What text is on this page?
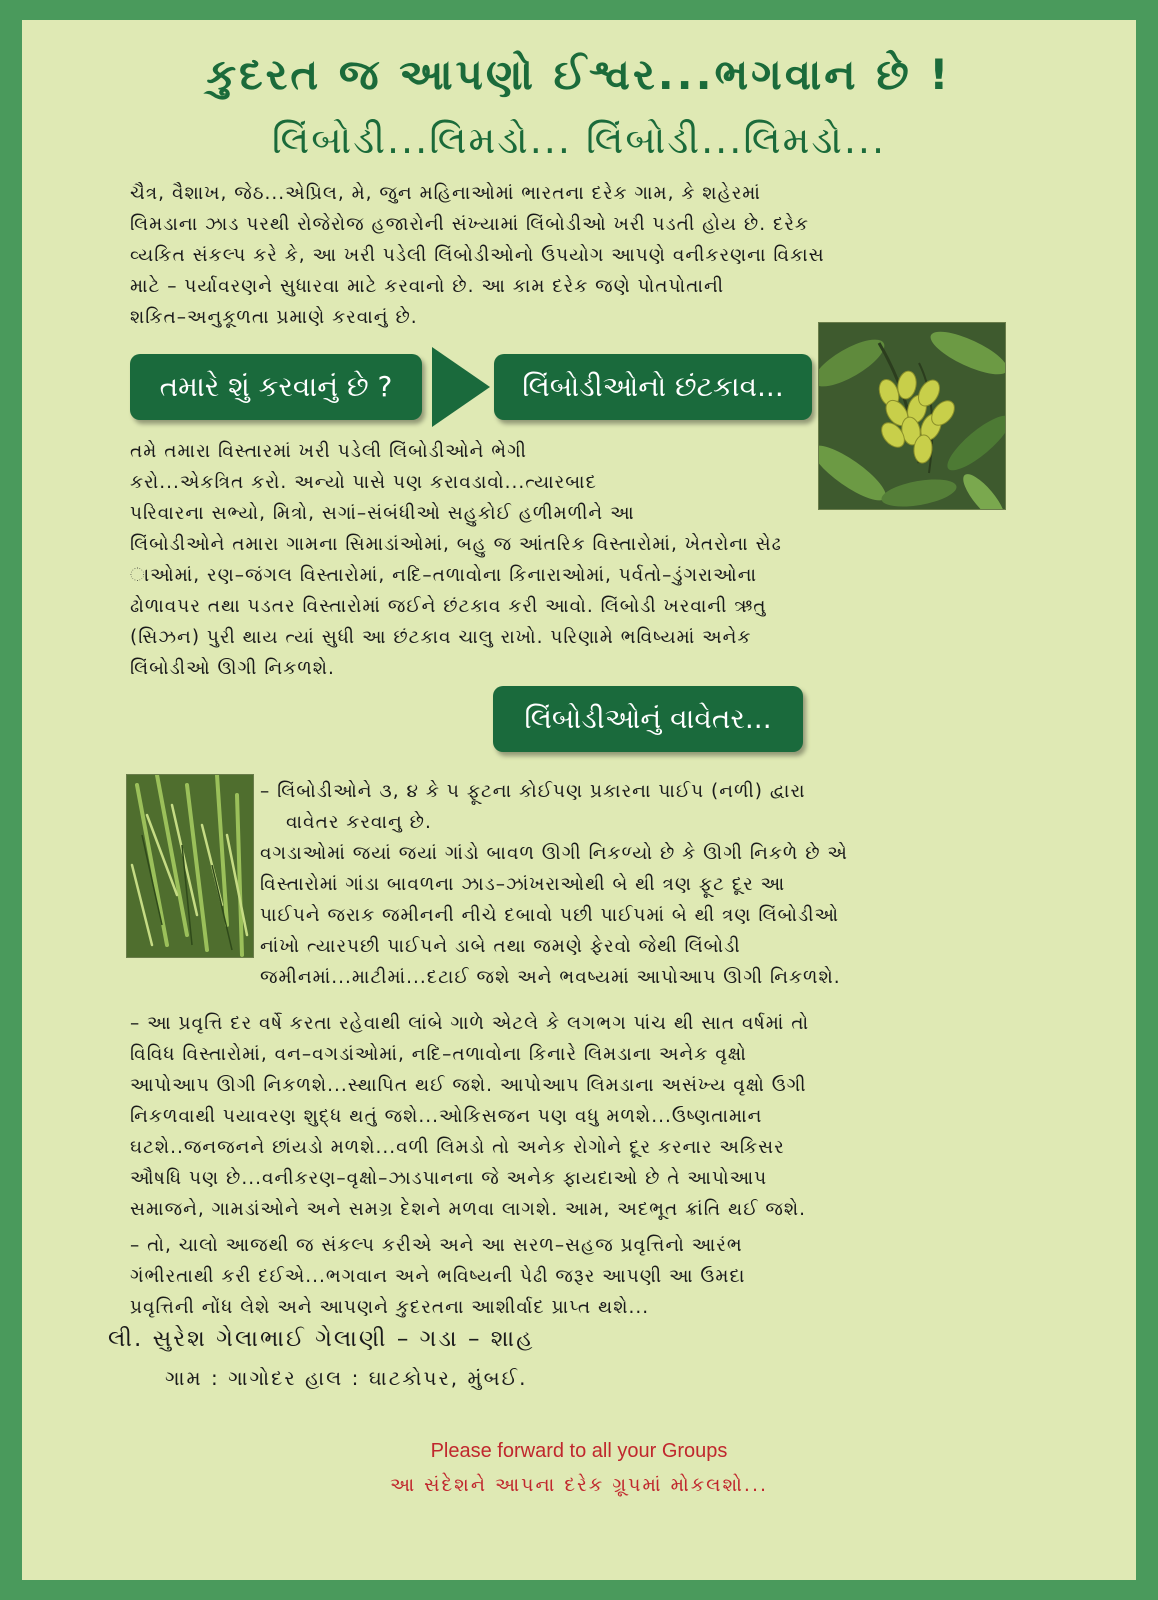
કુદરત જ આપણો ઈશ્વર...ભગવાન છે !
લિંબોડી...લિમડો... લિંબોડી...લિમડો...

ચૈત્ર, વૈશાખ, જેઠ...એપ્રિલ, મે, જુન મહિનાઓમાં ભારતના દરેક ગામ, કે શહેરમાં
લિમડાના ઝાડ પરથી રોજેરોજ હજારોની સંખ્યામાં લિંબોડીઓ ખરી પડતી હોય છે. દરેક
વ્યકિત સંકલ્પ કરે કે, આ ખરી પડેલી લિંબોડીઓનો ઉપયોગ આપણે વનીકરણના વિકાસ
માટે – પર્યાવરણને સુધારવા માટે કરવાનો છે. આ કામ દરેક જણે પોતપોતાની
શકિત–અનુકૂળતા પ્રમાણે કરવાનું છે.

તમારે શું કરવાનું છે ?	લિંબોડીઓનો છંટકાવ...

તમે તમારા વિસ્તારમાં ખરી પડેલી લિંબોડીઓને ભેગી
કરો...એકત્રિત કરો. અન્યો પાસે પણ કરાવડાવો...ત્યારબાદ
પરિવારના સભ્યો, મિત્રો, સગાં–સંબંધીઓ સહુકોઈ હળીમળીને આ

લિંબોડીઓને તમારા ગામના સિમાડાંઓમાં, બહુ જ આંતરિક વિસ્તારોમાં, ખેતરોના સેઢ
ાઓમાં, રણ–જંગલ વિસ્તારોમાં, નદિ–તળાવોના કિનારાઓમાં, પર્વતો–ડુંગરાઓના
ઢોળાવપર તથા પડતર વિસ્તારોમાં જઈને છંટકાવ કરી આવો. લિંબોડી ખરવાની ઋતુ
(સિઝન) પુરી થાય ત્યાં સુધી આ છંટકાવ ચાલુ રાખો. પરિણામે ભવિષ્યમાં અનેક
લિંબોડીઓ ઊગી નિકળશે.

લિંબોડીઓનું વાવેતર...

– લિંબોડીઓને ૩, ૪ કે ૫ ફૂટના કોઈપણ પ્રકારના પાઈપ (નળી) દ્વારા
વાવેતર કરવાનુ છે.
વગડાઓમાં જયાં જયાં ગાંડો બાવળ ઊગી નિકળ્યો છે કે ઊગી નિકળે છે એ
વિસ્તારોમાં ગાંડા બાવળના ઝાડ–ઝાંખરાઓથી બે થી ત્રણ ફૂટ દૂર આ
પાઈપને જરાક જમીનની નીચે દબાવો પછી પાઈપમાં બે થી ત્રણ લિંબોડીઓ
નાંખો ત્યારપછી પાઈપને ડાબે તથા જમણે ફેરવો જેથી લિંબોડી
જમીનમાં...માટીમાં...દટાઈ જશે અને ભવષ્યમાં આપોઆપ ઊગી નિકળશે.

– આ પ્રવૃત્તિ દર વર્ષે કરતા રહેવાથી લાંબે ગાળે એટલે કે લગભગ પાંચ થી સાત વર્ષમાં તો
વિવિધ વિસ્તારોમાં, વન–વગડાંઓમાં, નદિ–તળાવોના કિનારે લિમડાના અનેક વૃક્ષો
આપોઆપ ઊગી નિકળશે...સ્થાપિત થઈ જશે. આપોઆપ લિમડાના અસંખ્ય વૃક્ષો ઉગી
નિકળવાથી પયાવરણ શુદ્ધ થતું જશે...ઓકિસજન પણ વધુ મળશે...ઉષ્ણતામાન
ઘટશે..જનજનને છાંયડો મળશે...વળી લિમડો તો અનેક રોગોને દૂર કરનાર અકિસર
ઔષધિ પણ છે...વનીકરણ–વૃક્ષો–ઝાડપાનના જે અનેક ફાયદાઓ છે તે આપોઆપ
સમાજને, ગામડાંઓને અને સમગ્ર દેશને મળવા લાગશે. આમ, અદભૂત ક્રાંતિ થઈ જશે.

– તો, ચાલો આજથી જ સંકલ્પ કરીએ અને આ સરળ–સહજ પ્રવૃત્તિનો આરંભ
ગંભીરતાથી કરી દઈએ...ભગવાન અને ભવિષ્યની પેઢી જરૂર આપણી આ ઉમદા
પ્રવૃત્તિની નોંધ લેશે અને આપણને કુદરતના આશીર્વાદ પ્રાપ્ત થશે...

લી. સુરેશ ગેલાભાઈ ગેલાણી – ગડા – શાહ
ગામ : ગાગોદર હાલ : ઘાટકોપર, મુંબઈ.
Please forward to all your Groups
આ સંદેશને આપના દરેક ગ્રૂપમાં મોકલશો...
